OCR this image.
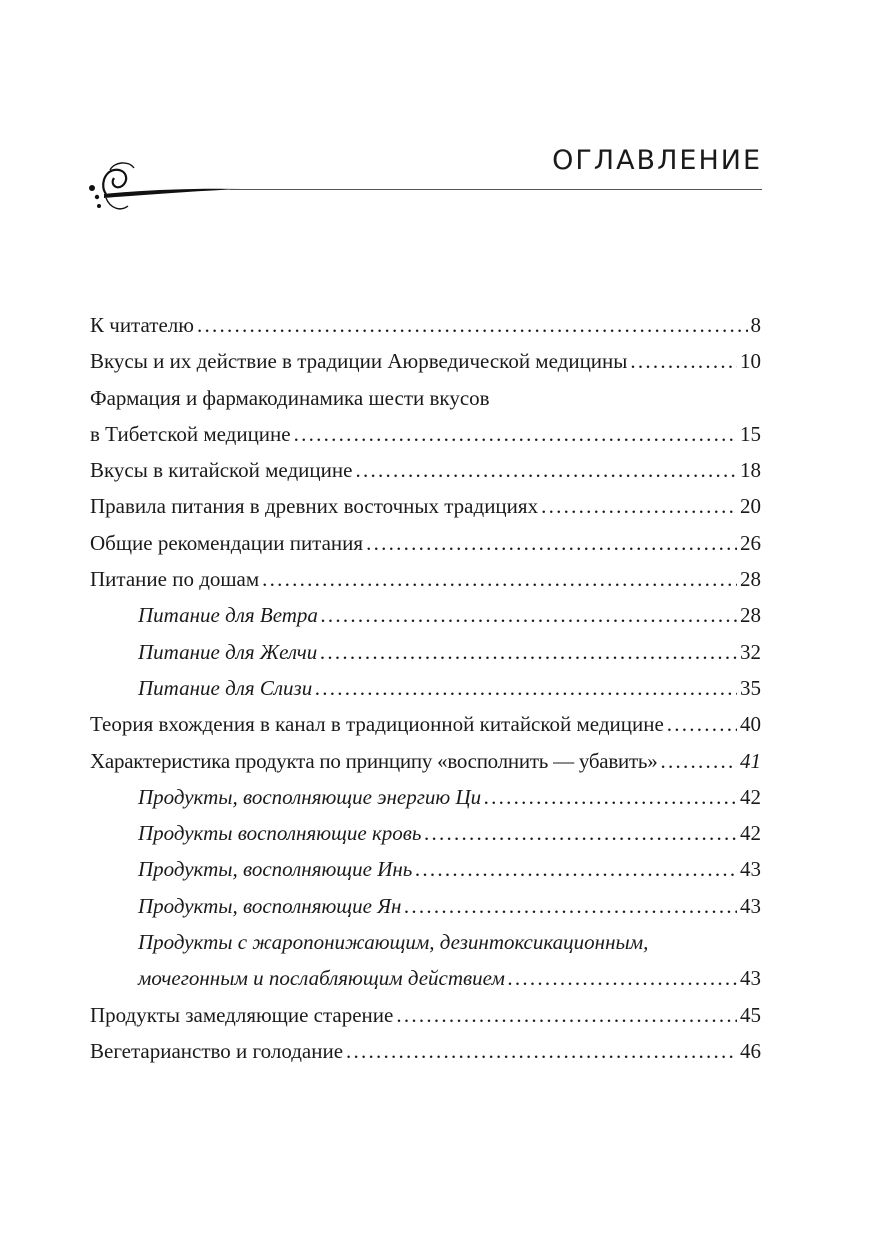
ОГЛАВЛЕНИЕ
К читателю . . .	8
Вкусы и их действие в традиции Аюрведической медицины . . .	10
Фармация и фармакодинамика шести вкусов
в Тибетской медицине . . .	15
Вкусы в китайской медицине . . .	18
Правила питания в древних восточных традициях . . .	20
Общие рекомендации питания . . .	26
Питание по дошам . . .	28
Питание для Ветра . . .	28
Питание для Желчи . . .	32
Питание для Слизи . . .	35
Теория вхождения в канал в традиционной китайской медицине . . .	40
Характеристика продукта по принципу «восполнить — убавить» . . .	41
Продукты, восполняющие энергию Ци . . .	42
Продукты восполняющие кровь . . .	42
Продукты, восполняющие Инь . . .	43
Продукты, восполняющие Ян . . .	43
Продукты с жаропонижающим, дезинтоксикационным,
мочегонным и послабляющим действием . . .	43
Продукты замедляющие старение . . .	45
Вегетарианство и голодание . . .	46
